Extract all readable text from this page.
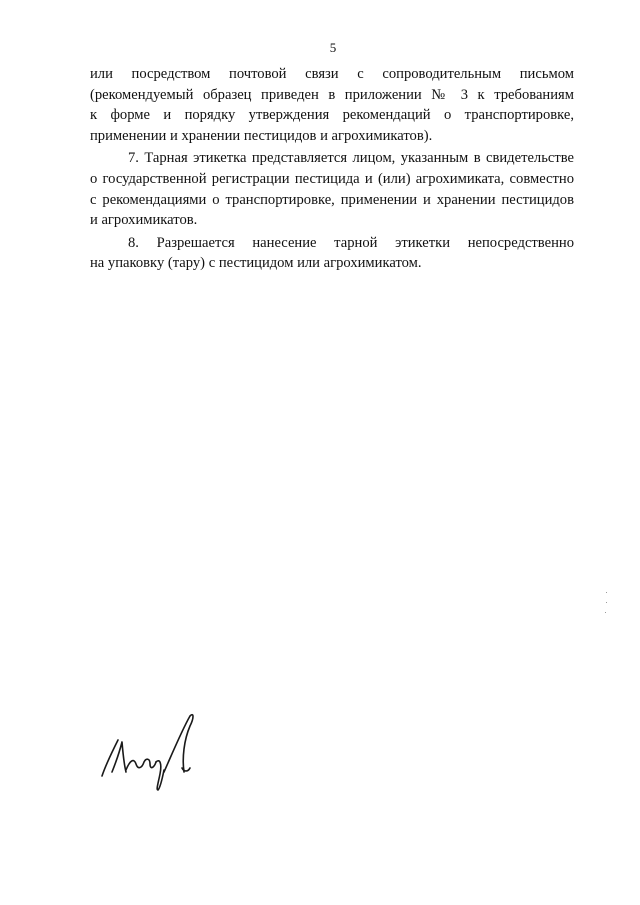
5
или посредством почтовой связи с сопроводительным письмом
(рекомендуемый образец приведен в приложении № 3 к требованиям
к форме и порядку утверждения рекомендаций о транспортировке,
применении и хранении пестицидов и агрохимикатов).
7. Тарная этикетка представляется лицом, указанным в свидетельстве
о государственной регистрации пестицида и (или) агрохимиката, совместно
с рекомендациями о транспортировке, применении и хранении пестицидов
и агрохимикатов.
8. Разрешается нанесение тарной этикетки непосредственно
на упаковку (тару) с пестицидом или агрохимикатом.
